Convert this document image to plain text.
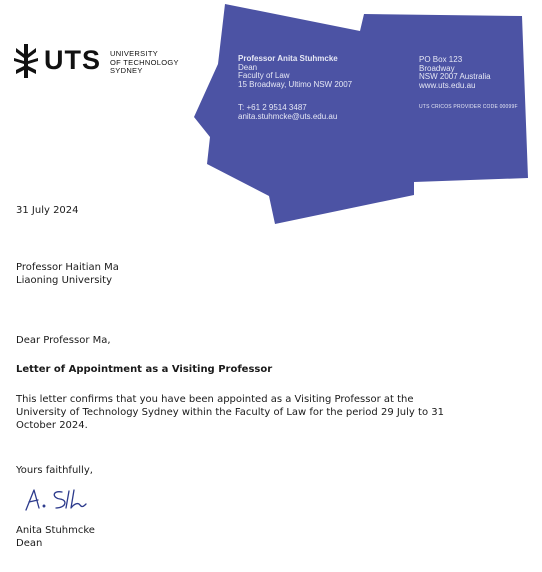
UTS UNIVERSITY
OF TECHNOLOGY
SYDNEY
Professor Anita Stuhmcke
Dean
Faculty of Law
15 Broadway, Ultimo NSW 2007
T: +61 2 9514 3487
anita.stuhmcke@uts.edu.au
PO Box 123
Broadway
NSW 2007 Australia
www.uts.edu.au
UTS CRICOS PROVIDER CODE 00099F
31 July 2024
Professor Haitian Ma
Liaoning University
Dear Professor Ma,
Letter of Appointment as a Visiting Professor
This letter confirms that you have been appointed as a Visiting Professor at the
University of Technology Sydney within the Faculty of Law for the period 29 July to 31
October 2024.
Yours faithfully,
Anita Stuhmcke
Dean
